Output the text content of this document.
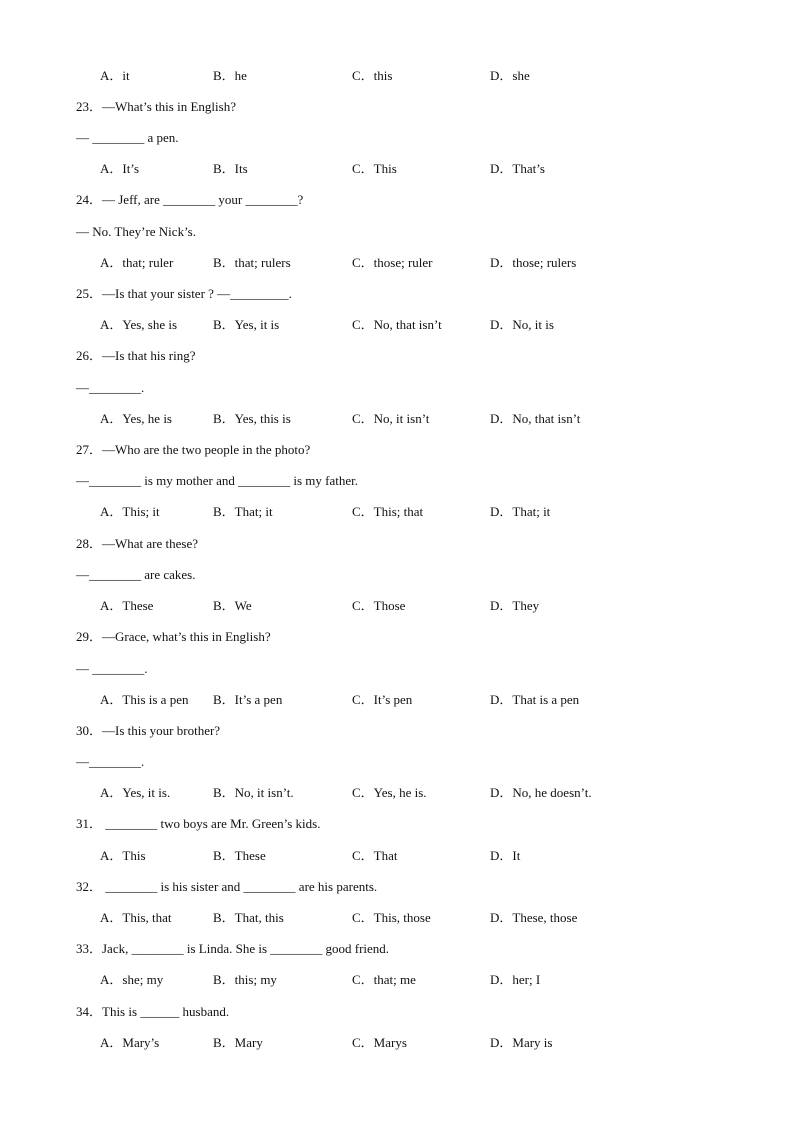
A．it	B．he	C．this	D．she
23．—What’s this in English?
— ________ a pen.
A．It’s	B．Its	C．This	D．That’s
24．— Jeff, are ________ your ________?
— No. They’re Nick’s.
A．that; ruler	B．that; rulers	C．those; ruler	D．those; rulers
25．—Is that your sister ? —_________.
A．Yes, she is	B．Yes, it is	C．No, that isn’t	D．No, it is
26．—Is that his ring?
—________.
A．Yes, he is	B．Yes, this is	C．No, it isn’t	D．No, that isn’t
27．—Who are the two people in the photo?
—________ is my mother and ________ is my father.
A．This; it	B．That; it	C．This; that	D．That; it
28．—What are these?
—________ are cakes.
A．These	B．We	C．Those	D．They
29．—Grace, what’s this in English?
— ________.
A．This is a pen B．It’s a pen	C．It’s pen	D．That is a pen
30．—Is this your brother?
—________.
A．Yes, it is.	B．No, it isn’t.	C．Yes, he is.	D．No, he doesn’t.
31． ________ two boys are Mr. Green’s kids.
A．This	B．These	C．That	D．It
32． ________ is his sister and ________ are his parents.
A．This, that	B．That, this	C．This, those	D．These, those
33．Jack, ________ is Linda. She is ________ good friend.
A．she; my	B．this; my	C．that; me	D．her; I
34．This is ______ husband.
A．Mary’s	B．Mary	C．Marys	D．Mary is
